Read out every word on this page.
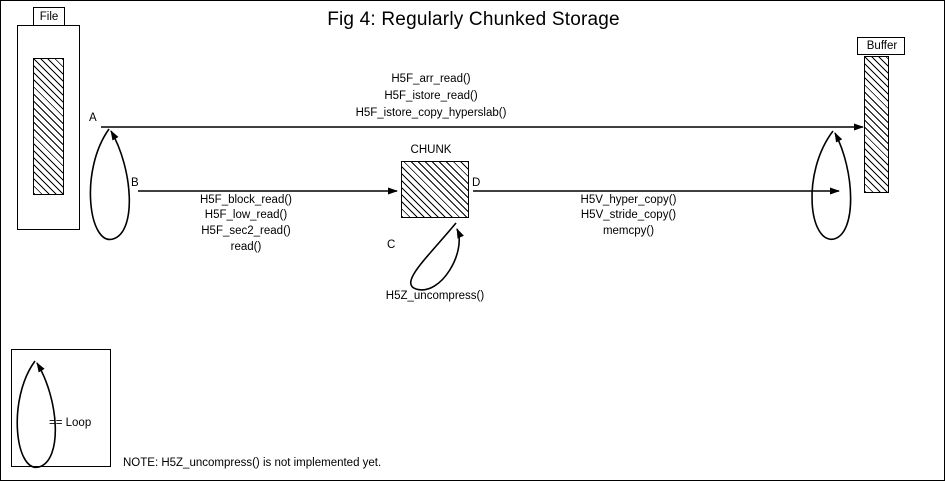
Fig 4: Regularly Chunked Storage
File
Buffer
CHUNK
A
B
C
D
H5F_arr_read()
H5F_istore_read()
H5F_istore_copy_hyperslab()
H5F_block_read()
H5F_low_read()
H5F_sec2_read()
read()
H5V_hyper_copy()
H5V_stride_copy()
memcpy()
H5Z_uncompress()
== Loop
NOTE: H5Z_uncompress() is not implemented yet.
